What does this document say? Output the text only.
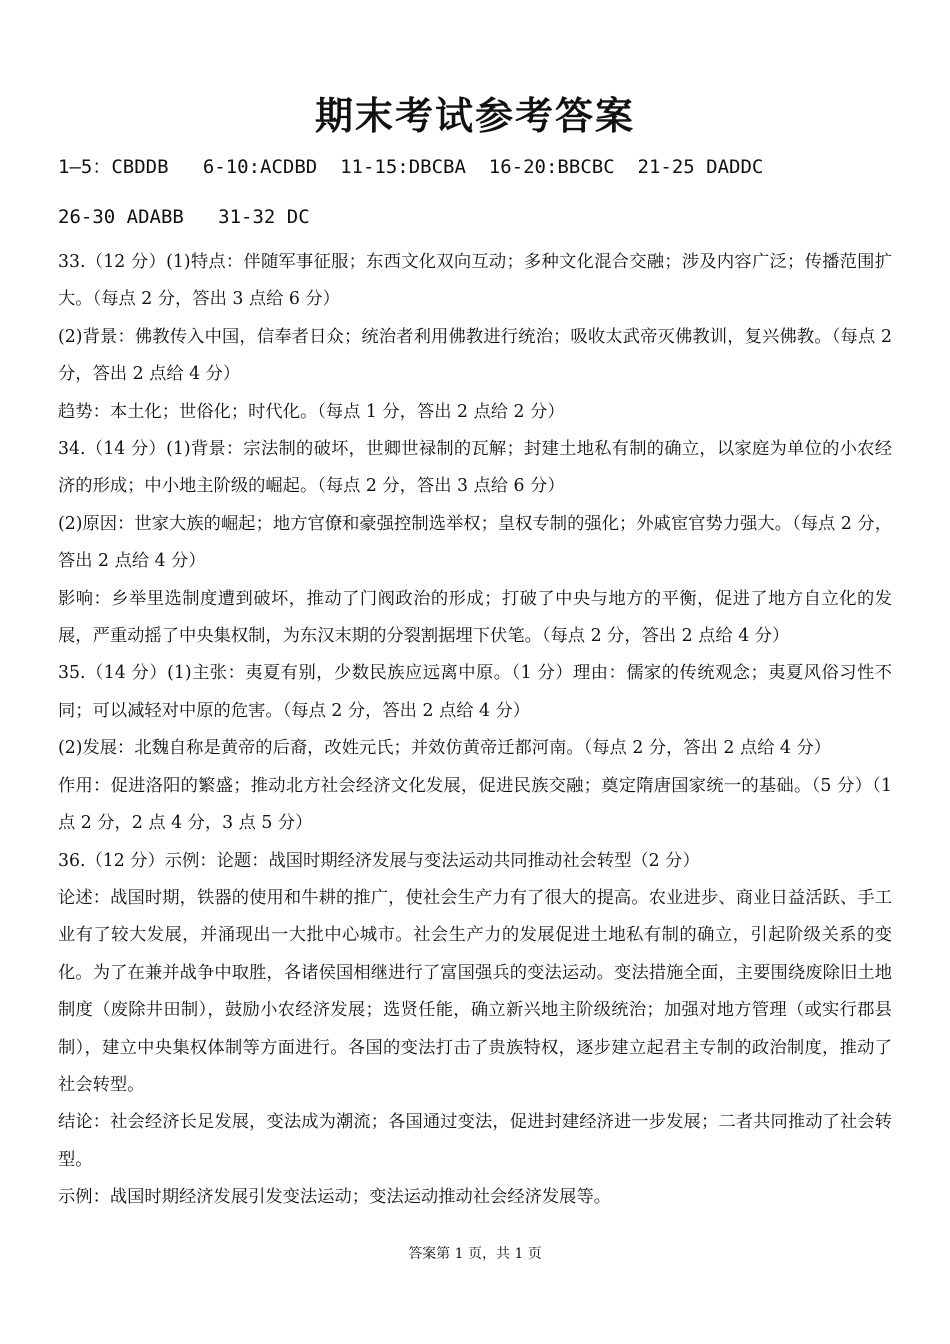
期末考试参考答案
1—5：CBDDB   6-10:ACDBD  11-15:DBCBA  16-20:BBCBC  21-25 DADDC
26-30 ADABB   31-32 DC

33.（12 分）(1)特点：伴随军事征服；东西文化双向互动；多种文化混合交融；涉及内容广泛；传播范围扩大。（每点 2 分，答出 3 点给 6 分）

(2)背景：佛教传入中国，信奉者日众；统治者利用佛教进行统治；吸收太武帝灭佛教训，复兴佛教。（每点 2 分，答出 2 点给 4 分）

趋势：本土化；世俗化；时代化。（每点 1 分，答出 2 点给 2 分）

34.（14 分）(1)背景：宗法制的破坏，世卿世禄制的瓦解；封建土地私有制的确立，以家庭为单位的小农经济的形成；中小地主阶级的崛起。（每点 2 分，答出 3 点给 6 分）

(2)原因：世家大族的崛起；地方官僚和豪强控制选举权；皇权专制的强化；外戚宦官势力强大。（每点 2 分，答出 2 点给 4 分）

影响：乡举里选制度遭到破坏，推动了门阀政治的形成；打破了中央与地方的平衡，促进了地方自立化的发展，严重动摇了中央集权制，为东汉末期的分裂割据埋下伏笔。（每点 2 分，答出 2 点给 4 分）

35.（14 分）(1)主张：夷夏有别，少数民族应远离中原。（1 分）理由：儒家的传统观念；夷夏风俗习性不同；可以减轻对中原的危害。（每点 2 分，答出 2 点给 4 分）

(2)发展：北魏自称是黄帝的后裔，改姓元氏；并效仿黄帝迁都河南。（每点 2 分，答出 2 点给 4 分）

作用：促进洛阳的繁盛；推动北方社会经济文化发展，促进民族交融；奠定隋唐国家统一的基础。（5 分）（1 点 2 分，2 点 4 分，3 点 5 分）

36.（12 分）示例：论题：战国时期经济发展与变法运动共同推动社会转型（2 分）

论述：战国时期，铁器的使用和牛耕的推广，使社会生产力有了很大的提高。农业进步、商业日益活跃、手工业有了较大发展，并涌现出一大批中心城市。社会生产力的发展促进土地私有制的确立，引起阶级关系的变化。为了在兼并战争中取胜，各诸侯国相继进行了富国强兵的变法运动。变法措施全面，主要围绕废除旧土地制度（废除井田制），鼓励小农经济发展；选贤任能，确立新兴地主阶级统治；加强对地方管理（或实行郡县制），建立中央集权体制等方面进行。各国的变法打击了贵族特权，逐步建立起君主专制的政治制度，推动了社会转型。

结论：社会经济长足发展，变法成为潮流；各国通过变法，促进封建经济进一步发展；二者共同推动了社会转型。

示例：战国时期经济发展引发变法运动；变法运动推动社会经济发展等。

答案第 1 页，共 1 页
